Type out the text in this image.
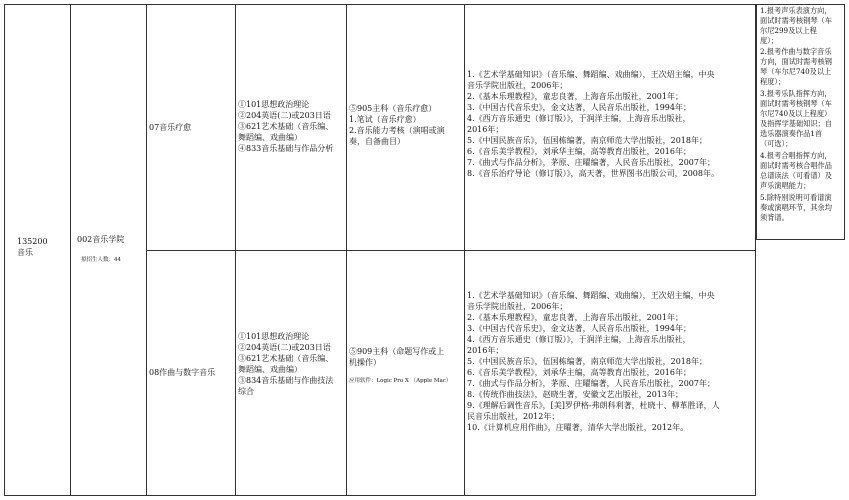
135200
音乐
002音乐学院
拟招生人数：44
07音乐疗愈
①101思想政治理论
②204英语(二)或203日语
③621艺术基础（音乐编、
舞蹈编、戏曲编）
④833音乐基础与作品分析
⑤905主科（音乐疗愈）
1.笔试（音乐疗愈）
2.音乐能力考核（演唱或演
奏，自备曲目）
1.《艺术学基础知识》（音乐编、舞蹈编、戏曲编），王次炤主编，中央
音乐学院出版社，2006年；
2.《基本乐理教程》，童忠良著，上海音乐出版社，2001年；
3.《中国古代音乐史》，金文达著，人民音乐出版社，1994年；
4.《西方音乐通史（修订版）》，于润洋主编，上海音乐出版社，
2016年；
5.《中国民族音乐》，伍国栋编著，南京师范大学出版社，2018年；
6.《音乐美学教程》，刘承华主编，高等教育出版社，2016年；
7.《曲式与作品分析》，茅原、庄曜编著，人民音乐出版社，2007年；
8.《音乐治疗导论（修订版）》，高天著，世界图书出版公司，2008年。
08作曲与数字音乐
①101思想政治理论
②204英语(二)或203日语
③621艺术基础（音乐编、
舞蹈编、戏曲编）
③834音乐基础与作曲技法
综合
⑤909主科（命题写作或上
机操作）
应用软件：Logic Pro X （Apple Mac）
1.《艺术学基础知识》（音乐编、舞蹈编、戏曲编），王次炤主编，中央
音乐学院出版社，2006年；
2.《基本乐理教程》，童忠良著，上海音乐出版社，2001年；
3.《中国古代音乐史》，金文达著，人民音乐出版社，1994年；
4.《西方音乐通史（修订版）》，于润洋主编，上海音乐出版社，
2016年；
5.《中国民族音乐》，伍国栋编著，南京师范大学出版社，2018年；
6.《音乐美学教程》，刘承华主编，高等教育出版社，2016年；
7.《曲式与作品分析》，茅原、庄曜编著，人民音乐出版社，2007年；
8.《传统作曲技法》，赵晓生著，安徽文艺出版社，2013年；
9.《理解后调性音乐》，[美]罗伊格-弗朗科利著，杜晓十、柳革胜译，人
民音乐出版社，2012年；
10.《计算机应用作曲》，庄曜著，清华大学出版社，2012年。
1.报考声乐表演方向，
面试时需考核钢琴（车
尔尼299及以上程
度）；
2.报考作曲与数字音乐
方向，面试时需考核钢
琴（车尔尼740及以上
程度）；
3.报考乐队指挥方向，
面试时需考核钢琴（车
尔尼740及以上程度）
及指挥学基础知识；自
选乐器演奏作品1首
（可选）；
4.报考合唱指挥方向，
面试时需考核合唱作品
总谱读法（可看谱）及
声乐演唱能力；
5.除特别说明可看谱演
奏或演唱环节，其余均
须背谱。
